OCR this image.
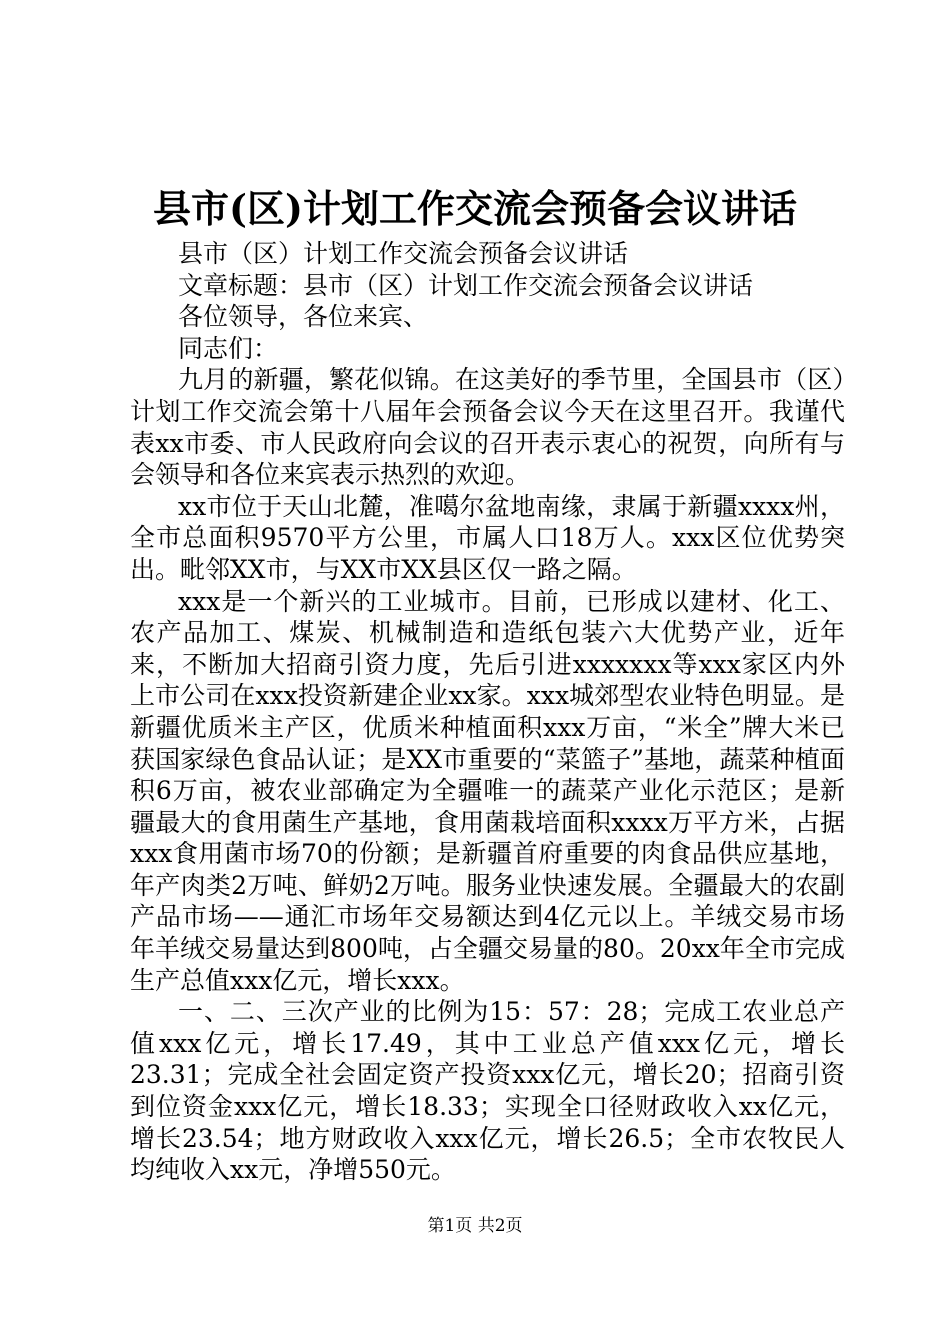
县市(区)计划工作交流会预备会议讲话

县市（区）计划工作交流会预备会议讲话

文章标题：县市（区）计划工作交流会预备会议讲话

各位领导，各位来宾、

同志们：

九月的新疆，繁花似锦。在这美好的季节里，全国县市（区）计划工作交流会第十八届年会预备会议今天在这里召开。我谨代表xx市委、市人民政府向会议的召开表示衷心的祝贺，向所有与会领导和各位来宾表示热烈的欢迎。

xx市位于天山北麓，准噶尔盆地南缘，隶属于新疆xxxx州，全市总面积9570平方公里，市属人口18万人。xxx区位优势突出。毗邻XX市，与XX市XX县区仅一路之隔。

xxx是一个新兴的工业城市。目前，已形成以建材、化工、农产品加工、煤炭、机械制造和造纸包装六大优势产业，近年来，不断加大招商引资力度，先后引进xxxxxxx等xxx家区内外上市公司在xxx投资新建企业xx家。xxx城郊型农业特色明显。是新疆优质米主产区，优质米种植面积xxx万亩，“米全”牌大米已获国家绿色食品认证；是XX市重要的“菜篮子”基地，蔬菜种植面积6万亩，被农业部确定为全疆唯一的蔬菜产业化示范区；是新疆最大的食用菌生产基地，食用菌栽培面积xxxx万平方米，占据xxx食用菌市场70的份额；是新疆首府重要的肉食品供应基地，年产肉类2万吨、鲜奶2万吨。服务业快速发展。全疆最大的农副产品市场——通汇市场年交易额达到4亿元以上。羊绒交易市场年羊绒交易量达到800吨，占全疆交易量的80。20xx年全市完成生产总值xxx亿元，增长xxx。

一、二、三次产业的比例为15：57：28；完成工农业总产值xxx亿元，增长17.49，其中工业总产值xxx亿元，增长23.31；完成全社会固定资产投资xxx亿元，增长20；招商引资到位资金xxx亿元，增长18.33；实现全口径财政收入xx亿元，增长23.54；地方财政收入xxx亿元，增长26.5；全市农牧民人均纯收入xx元，净增550元。

第1页 共2页
